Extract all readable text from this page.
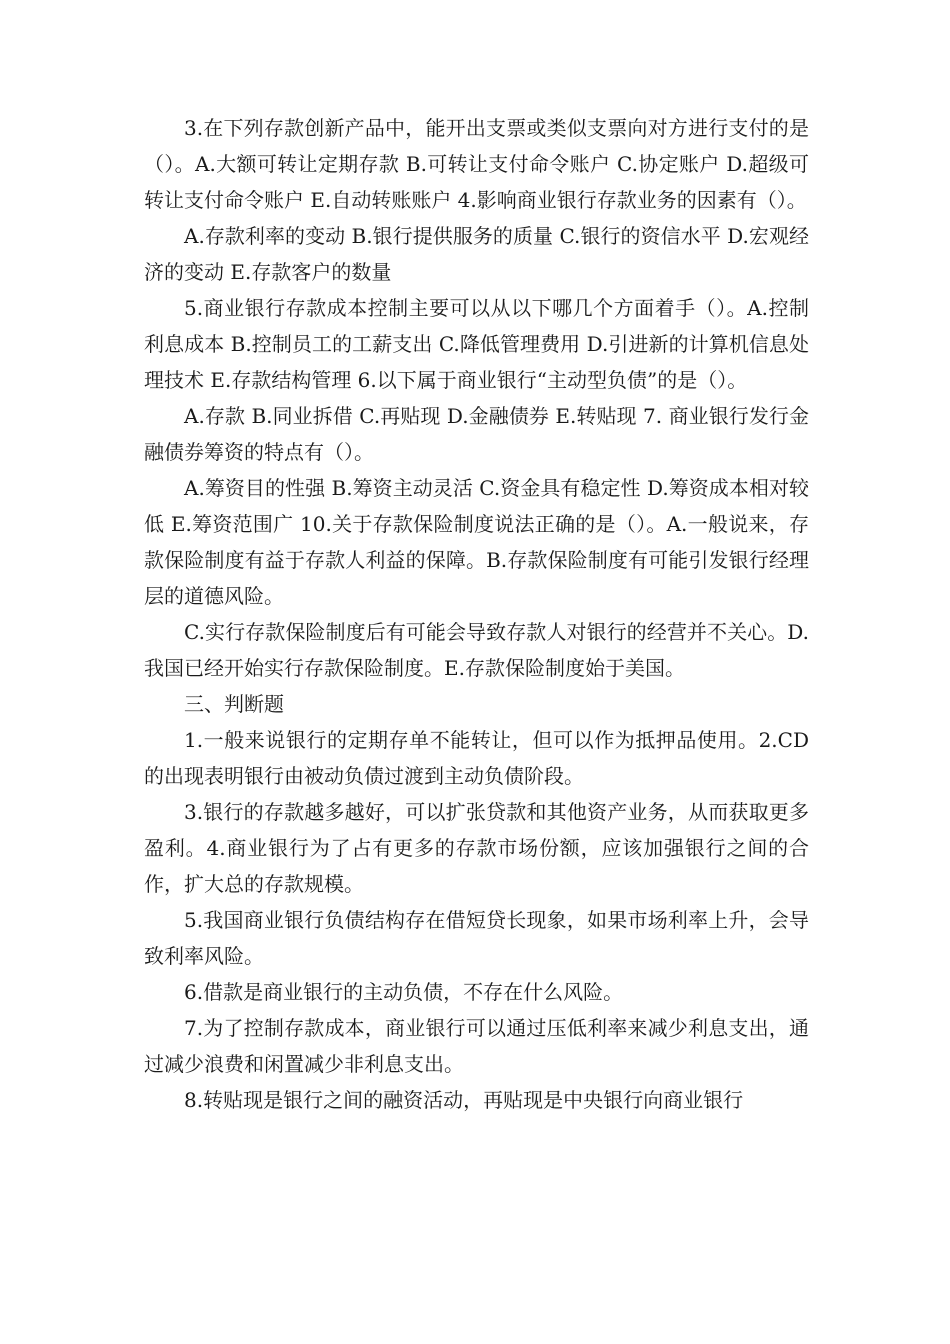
3.在下列存款创新产品中，能开出支票或类似支票向对方进行支付的是（）。A.大额可转让定期存款 B.可转让支付命令账户 C.协定账户 D.超级可转让支付命令账户 E.自动转账账户 4.影响商业银行存款业务的因素有（）。

A.存款利率的变动 B.银行提供服务的质量 C.银行的资信水平 D.宏观经济的变动 E.存款客户的数量

5.商业银行存款成本控制主要可以从以下哪几个方面着手（）。A.控制利息成本 B.控制员工的工薪支出 C.降低管理费用 D.引进新的计算机信息处理技术 E.存款结构管理 6.以下属于商业银行“主动型负债”的是（）。

A.存款 B.同业拆借 C.再贴现 D.金融债券 E.转贴现 7. 商业银行发行金融债券筹资的特点有（）。

A.筹资目的性强 B.筹资主动灵活 C.资金具有稳定性 D.筹资成本相对较低 E.筹资范围广 10.关于存款保险制度说法正确的是（）。A.一般说来，存款保险制度有益于存款人利益的保障。B.存款保险制度有可能引发银行经理层的道德风险。

C.实行存款保险制度后有可能会导致存款人对银行的经营并不关心。D.我国已经开始实行存款保险制度。E.存款保险制度始于美国。

三、判断题

1.一般来说银行的定期存单不能转让，但可以作为抵押品使用。2.CD 的出现表明银行由被动负债过渡到主动负债阶段。

3.银行的存款越多越好，可以扩张贷款和其他资产业务，从而获取更多盈利。4.商业银行为了占有更多的存款市场份额，应该加强银行之间的合作，扩大总的存款规模。

5.我国商业银行负债结构存在借短贷长现象，如果市场利率上升，会导致利率风险。

6.借款是商业银行的主动负债，不存在什么风险。

7.为了控制存款成本，商业银行可以通过压低利率来减少利息支出，通过减少浪费和闲置减少非利息支出。

8.转贴现是银行之间的融资活动，再贴现是中央银行向商业银行
